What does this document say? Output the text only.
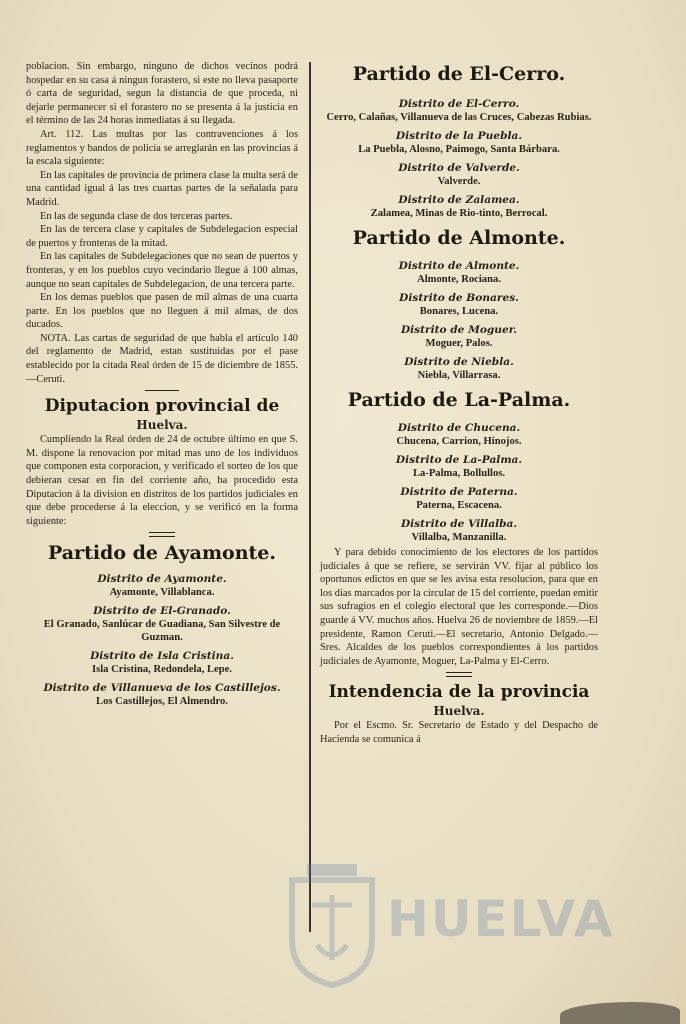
poblacion. Sin embargo, ninguno de dichos vecinos podrá hospedar en su casa á ningun forastero, si este no lleva pasaporte ó carta de seguridad, segun la distancia de que proceda, ni dejarle permanecer si el forastero no se presenta á la justicia en el término de las 24 horas inmediatas á su llegada.

Art. 112. Las multas por las contravenciones á los reglamentos y bandos de policía se arreglarán en las provincias á la escala siguiente:

En las capitales de provincia de primera clase la multa será de una cantidad igual á las tres cuartas partes de la señalada para Madrid.

En las de segunda clase de dos terceras partes.

En las de tercera clase y capitales de Subdelegacion especial de puertos y fronteras de la mitad.

En las capitales de Subdelegaciones que no sean de puertos y fronteras, y en los pueblos cuyo vecindario llegue á 100 almas, aunque no sean capitales de Subdelegacion, de una tercera parte.

En los demas pueblos que pasen de mil almas de una cuarta parte. En los pueblos que no lleguen á mil almas, de dos ducados.

NOTA. Las cartas de seguridad de que habla el artículo 140 del reglamento de Madrid, estan sustituidas por el pase establecido por la citada Real órden de 15 de diciembre de 1855.—Ceruti.

Diputacion provincial de

Huelva.

Cumpliendo la Real órden de 24 de octubre último en que S. M. dispone la renovacion por mitad mas uno de los individuos que componen esta corporacion, y verificado el sorteo de los que debieran cesar en fin del corriente año, ha procedido esta Diputacion á la division en distritos de los partidos judiciales en que debe procederse á la eleccion, y se verificó en la forma siguiente:

Partido de Ayamonte.

Distrito de Ayamonte.

Ayamonte, Villablanca.

Distrito de El-Granado.

El Granado, Sanlúcar de Guadiana, San Silvestre de Guzman.

Distrito de Isla Cristina.

Isla Cristina, Redondela, Lepe.

Distrito de Villanueva de los Castillejos.

Los Castillejos, El Almendro.

Partido de El-Cerro.

Distrito de El-Cerro.

Cerro, Calañas, Villanueva de las Cruces, Cabezas Rubias.

Distrito de la Puebla.

La Puebla, Alosno, Paimogo, Santa Bárbara.

Distrito de Valverde.

Valverde.

Distrito de Zalamea.

Zalamea, Minas de Rio-tinto, Berrocal.

Partido de Almonte.

Distrito de Almonte.

Almonte, Rociana.

Distrito de Bonares.

Bonares, Lucena.

Distrito de Moguer.

Moguer, Palos.

Distrito de Niebla.

Niebla, Villarrasa.

Partido de La-Palma.

Distrito de Chucena.

Chucena, Carrion, Hinojos.

Distrito de La-Palma.

La-Palma, Bollullos.

Distrito de Paterna.

Paterna, Escacena.

Distrito de Villalba.

Villalba, Manzanilla.

Y para debido conocimiento de los electores de los partidos judiciales á que se refiere, se servirán VV. fijar al público los oportunos edictos en que se les avisa esta resolucion, para que en los dias marcados por la circular de 15 del corriente, puedan emitir sus sufragios en el colegio electoral que les corresponde.—Dios guarde á VV. muchos años. Huelva 26 de noviembre de 1859.—El presidente, Ramon Ceruti.—El secretario, Antonio Delgado.—Sres. Alcaldes de los pueblos correspondientes á los partidos judiciales de Ayamonte, Moguer, La-Palma y El-Cerro.

Intendencia de la provincia

Huelva.

Por el Escmo. Sr. Secretario de Estado y del Despacho de Hacienda se comunica á

HUELVA
